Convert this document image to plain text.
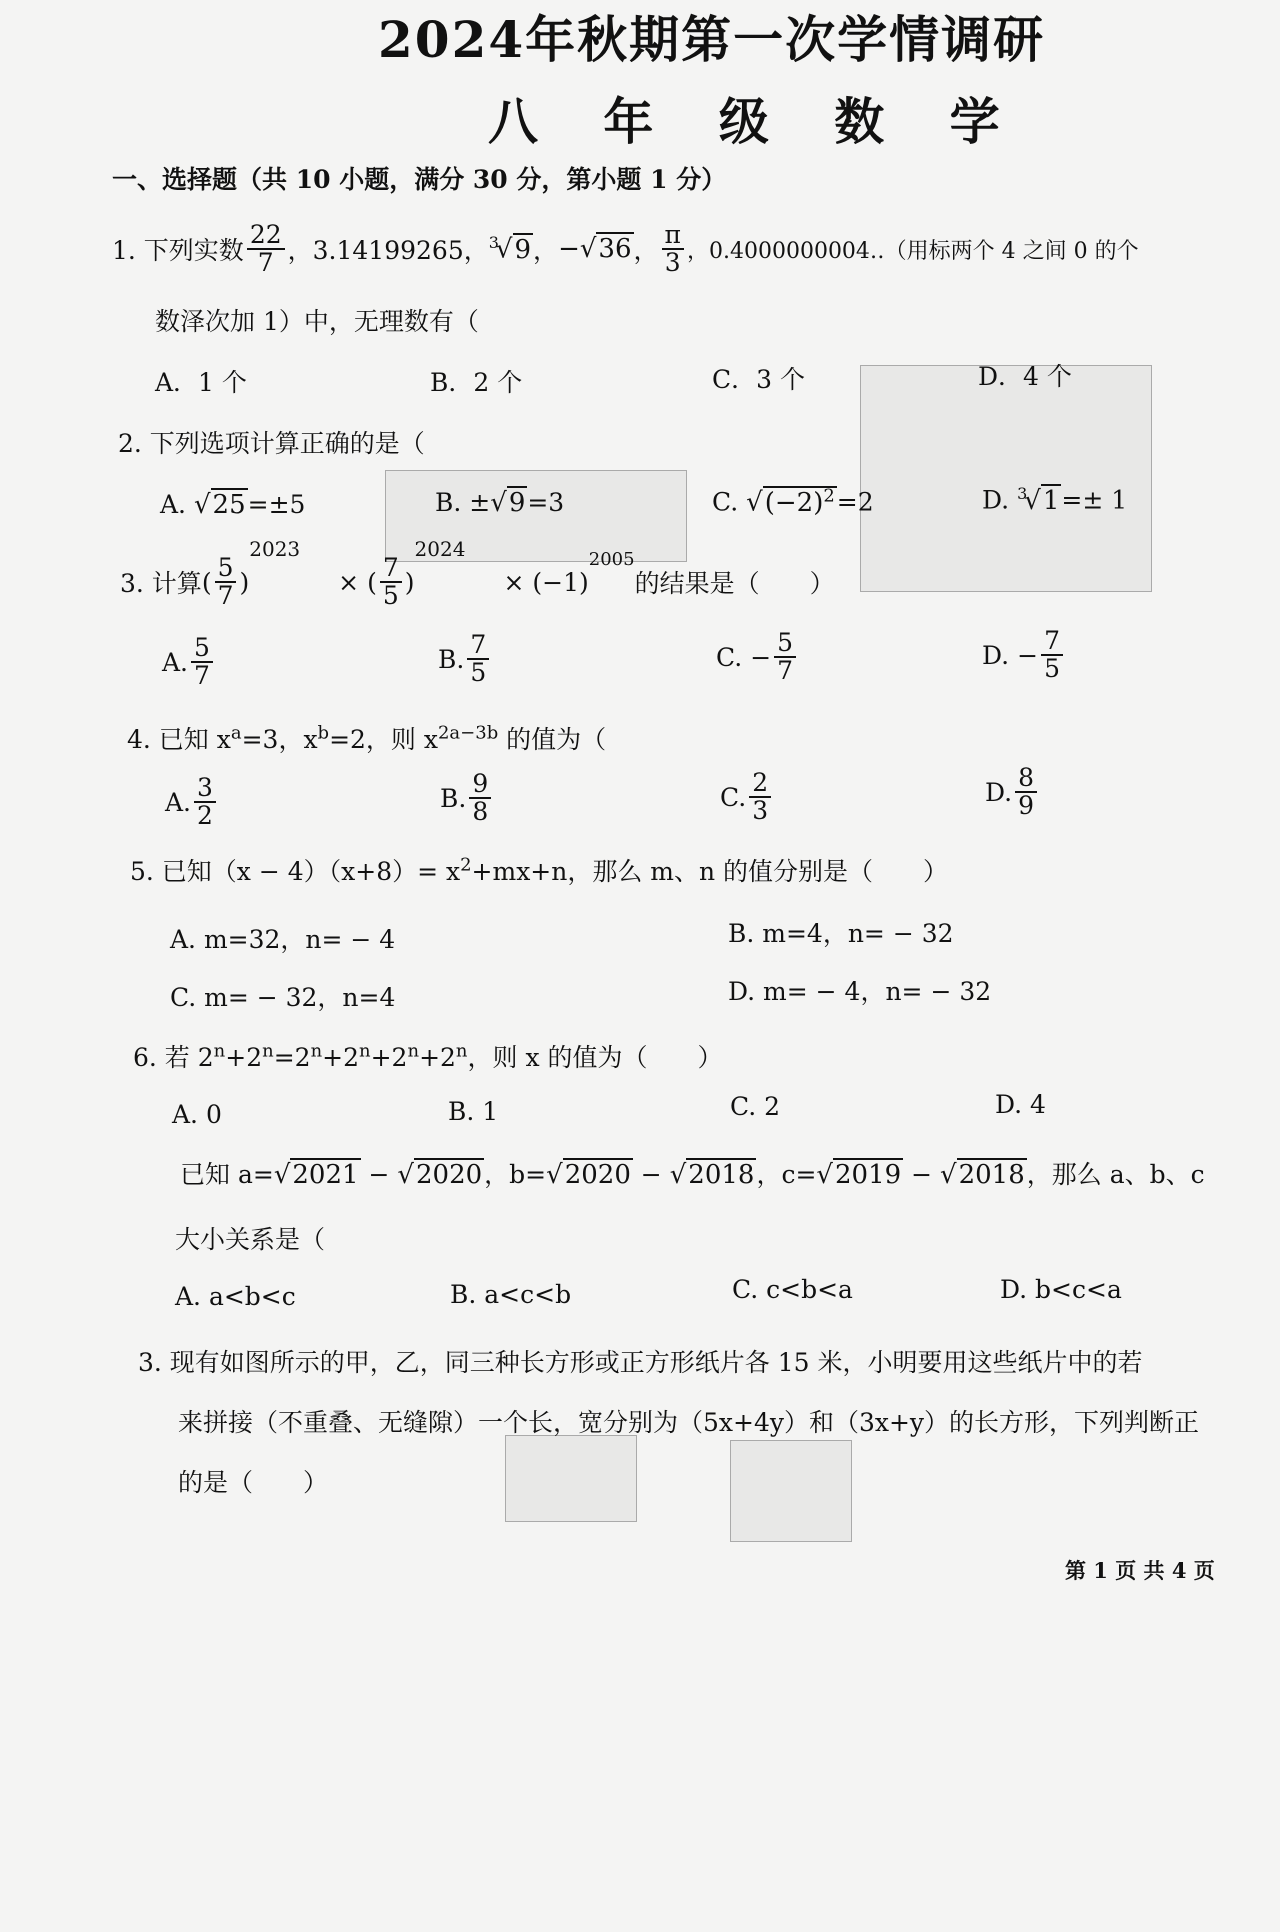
2024年秋期第一次学情调研
八 年 级 数 学
一、选择题（共 10 小题，满分 30 分，第小题 1 分）
1. 下列实数 $\frac{22}{7}$ ，3.14199265， $^3$√9 ， −√36 ， $\frac{\pi}{3}$ ，0.4000000004‥（用标两个 4 之间 0 的个
数泽次加 1）中，无理数有（
A．1 个	B．2 个	C．3 个	D．4 个
2. 下列选项计算正确的是（
A. √25=±5	B. ±√9=3	C. $√(-2)^2=2$	D. $^3$√1=± 1
3. 计算 ( $\frac{5}{7}$ )
2023
× ( $\frac{7}{5}$ )
2024
× (−1)
2005
的结果是（　　）
A. $\frac{5}{7}$	B. $\frac{7}{5}$	C. − $\frac{5}{7}$	D. − $\frac{7}{5}$
4. 已知 $x^a=3$，$x^b=2$，则 $x^{2a-3b}$ 的值为（
A. $\frac{3}{2}$	B. $\frac{9}{8}$	C. $\frac{2}{3}$	D. $\frac{8}{9}$
5. 已知$(x - 4)(x+8)= x^2+mx+n$，那么 m、n 的值分别是（　　）
A. m=32，n= − 4	B. m=4，n= − 32
C. m= − 32，n=4	D. m= − 4，n= − 32
6. 若 $2^n+2^n=2^n+2^n+2^n+2^n$，则 x 的值为（　　）
A. 0	B. 1	C. 2	D. 4
已知 a=√2021 − √2020，b=√2020 − √2018，c=√2019 − √2018，那么 a、b、c
大小关系是（
A. a<b<c	B. a<c<b	C. c<b<a	D. b<c<a
3. 现有如图所示的甲，乙，同三种长方形或正方形纸片各 15 米，小明要用这些纸片中的若
来拼接（不重叠、无缝隙）一个长，宽分别为（5x+4y）和（3x+y）的长方形，下列判断正
的是（　　）
第 1 页 共 4 页
